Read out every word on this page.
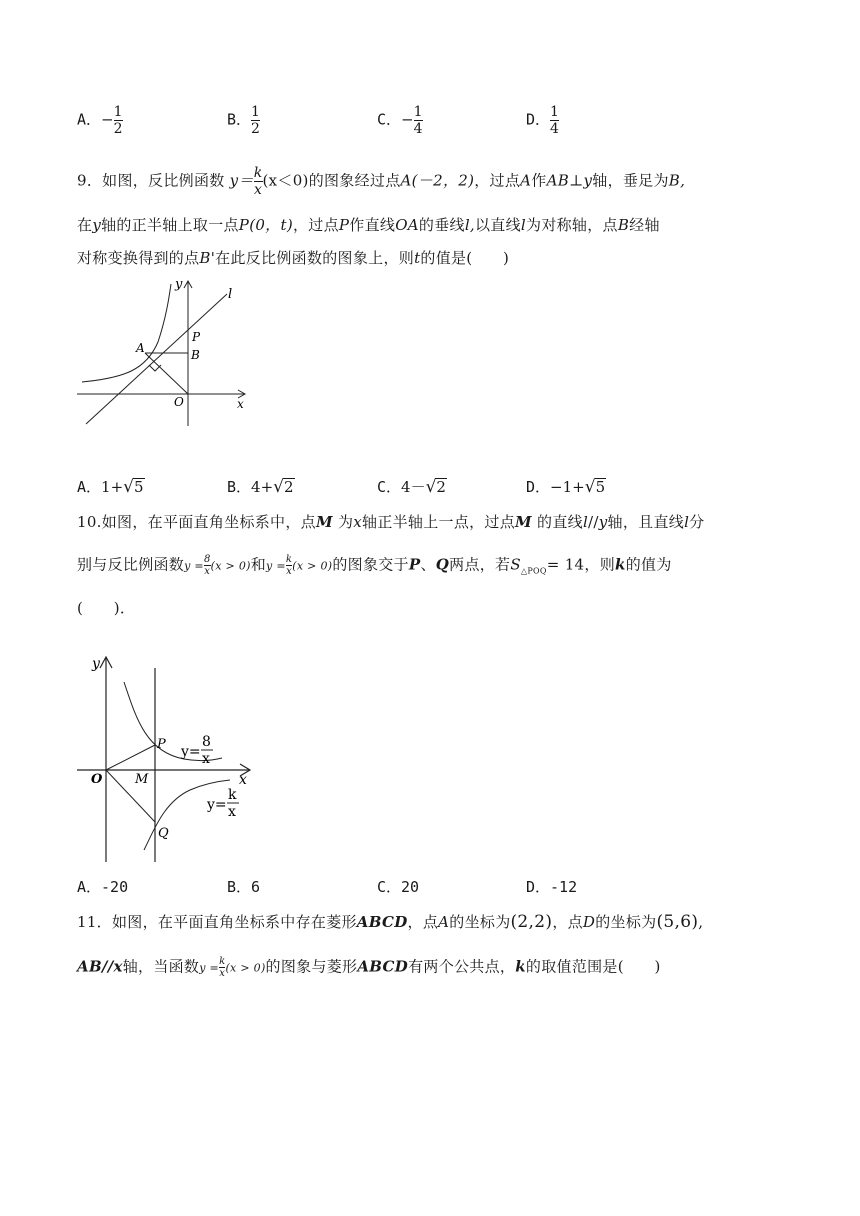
A．− $\frac{1}{2}$	B． $\frac{1}{2}$	C．− $\frac{1}{4}$	D． $\frac{1}{4}$
9．如图，反比例函数 $y= \frac{k}{x} (x<0)$的图象经过点A(－2，2)，过点A作AB⊥y轴，垂足为B,
在y轴的正半轴上取一点P(0，t)，过点P作直线OA的垂线l,以直线l为对称轴，点B经轴
对称变换得到的点B'在此反比例函数的图象上，则t的值是(　　)
y
l
P
A	B
O	x
A．1+√5	B．4+√2	C．4－√2	D．−1+√5
10.如图，在平面直角坐标系中，点M 为x轴正半轴上一点，过点M 的直线l//y轴，且直线l分
别与反比例函数$y = \frac{8}{x} (x > 0)$和$y = \frac{k}{x} (x > 0)$的图象交于P、Q两点，若$S_{\triangle POQ}= 14$，则k的值为
(　　)．
y
x
O	M
P
Q
y=
8
x
y=
k
x
A．-20	B．6	C．20	D．-12
11．如图，在平面直角坐标系中存在菱形ABCD，点A的坐标为(2,2)，点D的坐标为(5,6),
AB//x轴，当函数$y = \frac{k}{x} (x > 0)$的图象与菱形ABCD有两个公共点，k的取值范围是(　　)
